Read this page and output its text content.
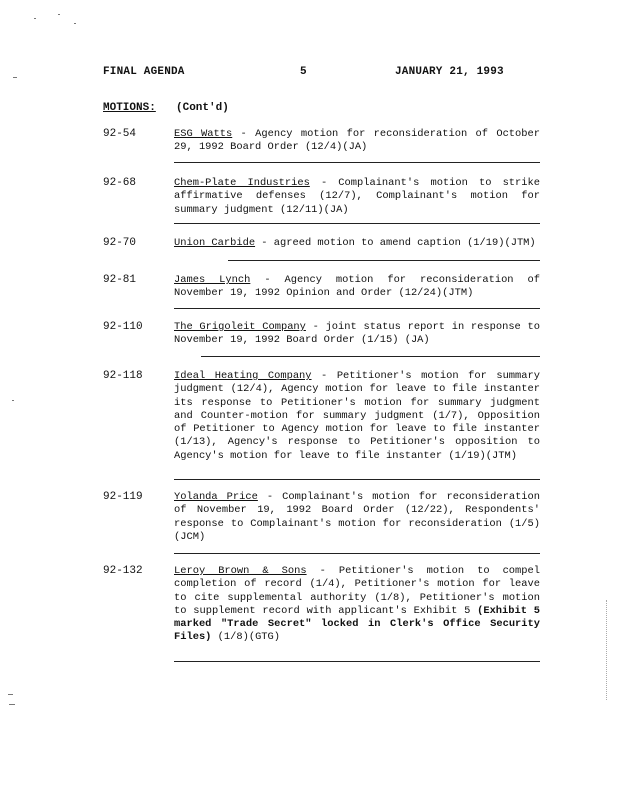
FINAL AGENDA	5	JANUARY 21, 1993
MOTIONS: (Cont'd)
92-54	ESG Watts - Agency motion for reconsideration of October 29, 1992 Board Order (12/4)(JA)
92-68	Chem-Plate Industries - Complainant's motion to strike affirmative defenses (12/7), Complainant's motion for summary judgment (12/11)(JA)
92-70	Union Carbide - agreed motion to amend caption (1/19)(JTM)
92-81	James Lynch - Agency motion for reconsideration of November 19, 1992 Opinion and Order (12/24)(JTM)
92-110	The Grigoleit Company - joint status report in response to November 19, 1992 Board Order (1/15) (JA)
92-118	Ideal Heating Company - Petitioner's motion for summary judgment (12/4), Agency motion for leave to file instanter its response to Petitioner's motion for summary judgment and Counter-motion for summary judgment (1/7), Opposition of Petitioner to Agency motion for leave to file instanter (1/13), Agency's response to Petitioner's opposition to Agency's motion for leave to file instanter (1/19)(JTM)
92-119	Yolanda Price - Complainant's motion for reconsideration of November 19, 1992 Board Order (12/22), Respondents' response to Complainant's motion for reconsideration (1/5)(JCM)
92-132	Leroy Brown & Sons - Petitioner's motion to compel completion of record (1/4), Petitioner's motion for leave to cite supplemental authority (1/8), Petitioner's motion to supplement record with applicant's Exhibit 5 (Exhibit 5 marked "Trade Secret" locked in Clerk's Office Security Files) (1/8)(GTG)
